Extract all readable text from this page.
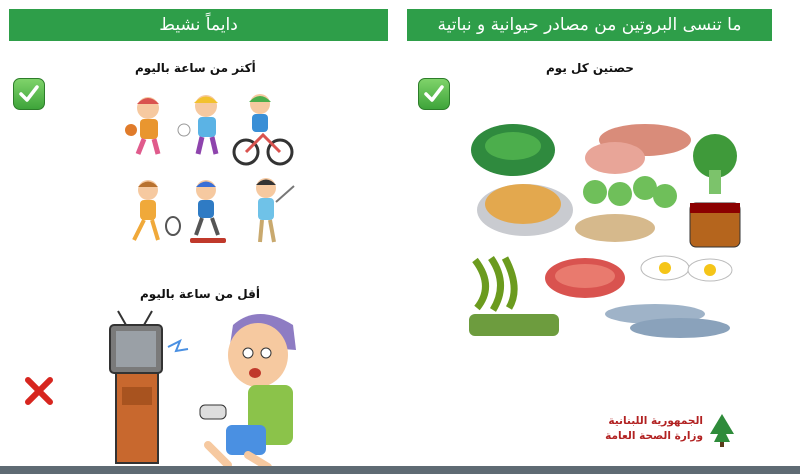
دايماً نشيط	ما تنسى البروتين من مصادر حيوانية و نباتية
أكتر من ساعة باليوم
أقل من ساعة باليوم
حصتين كل يوم
الجمهورية اللبنانية
وزارة الصحة العامة
